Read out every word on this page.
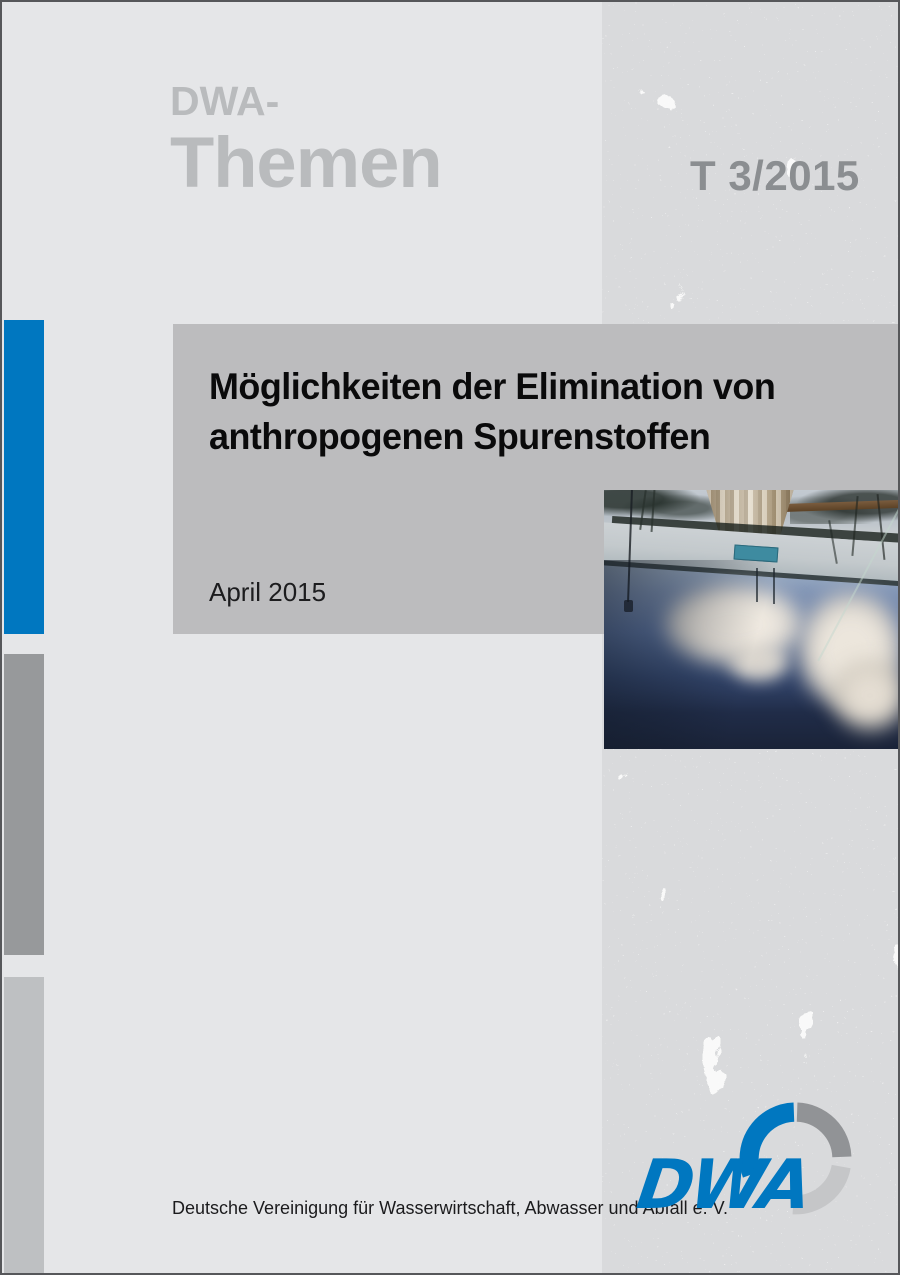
DWA-
Themen	T 3/2015
Möglichkeiten der Elimination von
anthropogenen Spurenstoffen
April 2015
Deutsche Vereinigung für Wasserwirtschaft, Abwasser und Abfall e. V.
DWA
